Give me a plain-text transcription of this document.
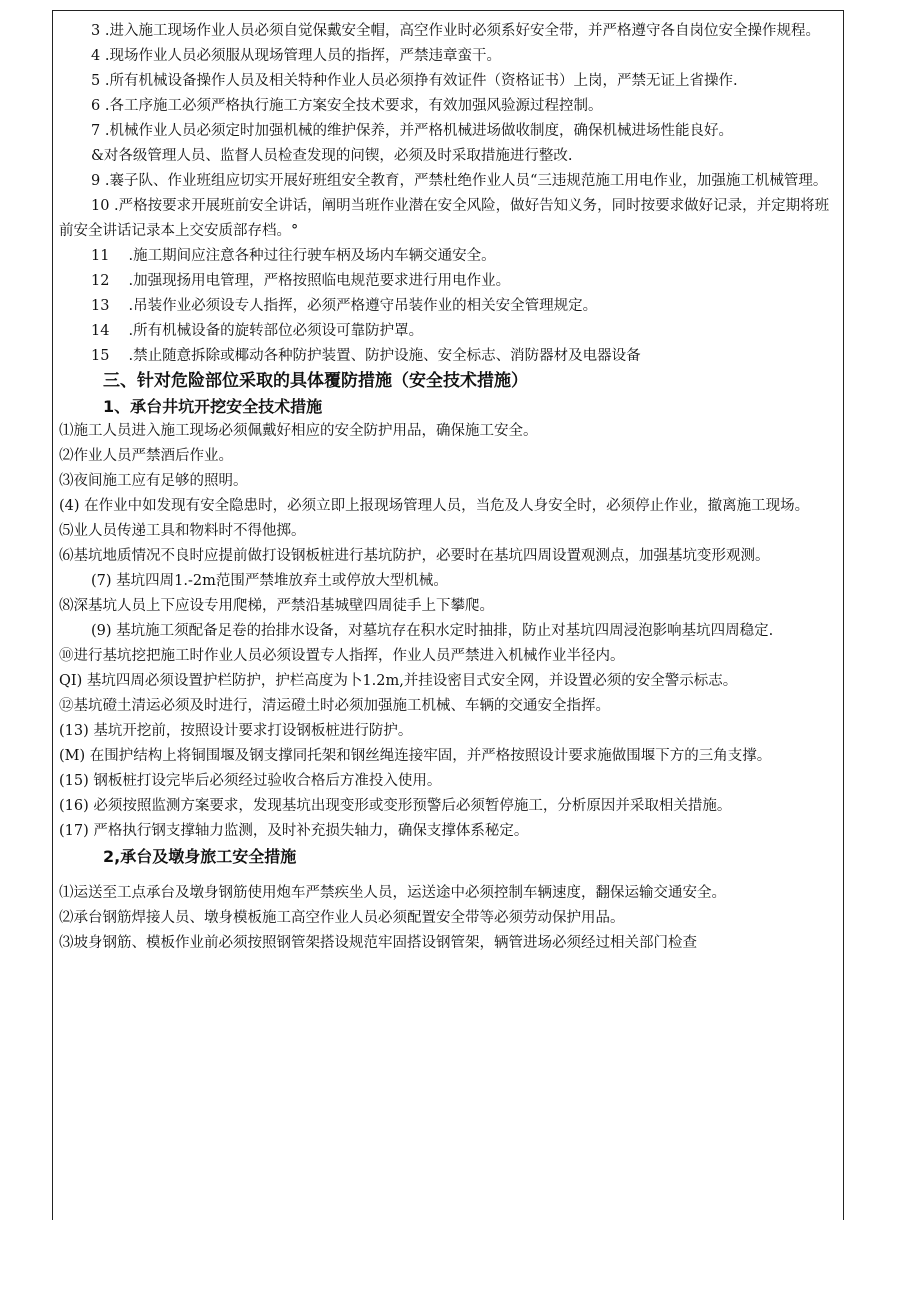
3 .进入施工现场作业人员必须自觉保戴安全帽，高空作业时必须系好安全带，并严格遵守各自岗位安全操作规程。

4 .现场作业人员必须服从现场管理人员的指挥，严禁违章蛮干。

5 .所有机械设备操作人员及相关特种作业人员必须挣有效证件（资格证书）上岗，严禁无证上省操作.

6 .各工序施工必须严格执行施工方案安全技术要求，有效加强风验源过程控制。

7 .机械作业人员必须定时加强机械的维护保养，并严格机械进场做收制度，确保机械进场性能良好。

&对各级管理人员、监督人员检查发现的问锲，必须及时采取措施进行整改.

9 .褰子队、作业班组应切实开展好班组安全教育，严禁杜绝作业人员“三违规范施工用电作业，加强施工机械管理。

10 .严格按要求开展班前安全讲话，阐明当班作业潜在安全风险，做好告知义务，同时按要求做好记录，并定期将班前安全讲话记录本上交安质部存档。°

11　 .施工期间应注意各种过往行驶车柄及场内车辆交通安全。

12　 .加强现扬用电管理，严格按照临电规范要求进行用电作业。

13　 .吊装作业必须设专人指挥，必须严格遵守吊装作业的相关安全管理规定。

14　 .所有机械设备的旋转部位必须设可靠防护罩。

15　 .禁止随意拆除或椰动各种防护装置、防护设施、安全标志、消防器材及电器设备

三、针对危险部位采取的具体覆防措施（安全技术措施）

1、承台井坑开挖安全技术措施

⑴施工人员进入施工现场必须佩戴好相应的安全防护用品，确保施工安全。

⑵作业人员严禁酒后作业。

⑶夜间施工应有足够的照明。

(4) 在作业中如发现有安全隐患时，必须立即上报现场管理人员，当危及人身安全时，必须停止作业，撤离施工现场。

⑸业人员传递工具和物料时不得他掷。

⑹基坑地质情况不良时应提前做打设钢板桩进行基坑防护，必要时在基坑四周设置观测点，加强基坑变形观测。

(7) 基坑四周1.-2m范围严禁堆放弃土或停放大型机械。

⑻深基坑人员上下应设专用爬梯，严禁沿基城壁四周徒手上下攀爬。

(9) 基坑施工须配备足卷的抬排水设备，对墓坑存在积水定时抽排，防止对基坑四周浸泡影响基坑四周稳定.

⑩进行基坑挖把施工时作业人员必须设置专人指挥，作业人员严禁进入机械作业半径内。

QI) 基坑四周必须设置护栏防护，护栏高度为卜1.2m,并挂设密目式安全网，并设置必须的安全警示标志。

⑫基坑磴土清运必须及时进行，清运磴土时必须加强施工机械、车辆的交通安全指挥。

(13) 基坑开挖前，按照设计要求打设钢板桩进行防护。

(M) 在围护结构上将铜围堰及钢支撑同托架和钢丝绳连接牢固，并严格按照设计要求施做围堰下方的三角支撑。

(15) 钢板桩打设完毕后必须经过验收合格后方准投入使用。

(16) 必须按照监测方案要求，发现基坑出现变形或变形预警后必须暂停施工，分析原因并采取相关措施。

(17) 严格执行钢支撑轴力监测，及时补充损失轴力，确保支撑体系秘定。

2,承台及墩身旅工安全措施

⑴运送至工点承台及墩身钢筋使用炮车严禁疾坐人员，运送途中必须控制车辆速度，翻保运输交通安全。

⑵承台钢筋焊接人员、墩身模板施工高空作业人员必须配置安全带等必须劳动保护用品。

⑶坡身钢筋、模板作业前必须按照钢管架搭设规范牢固搭设钢管架，辆管进场必须经过相关部门检查
